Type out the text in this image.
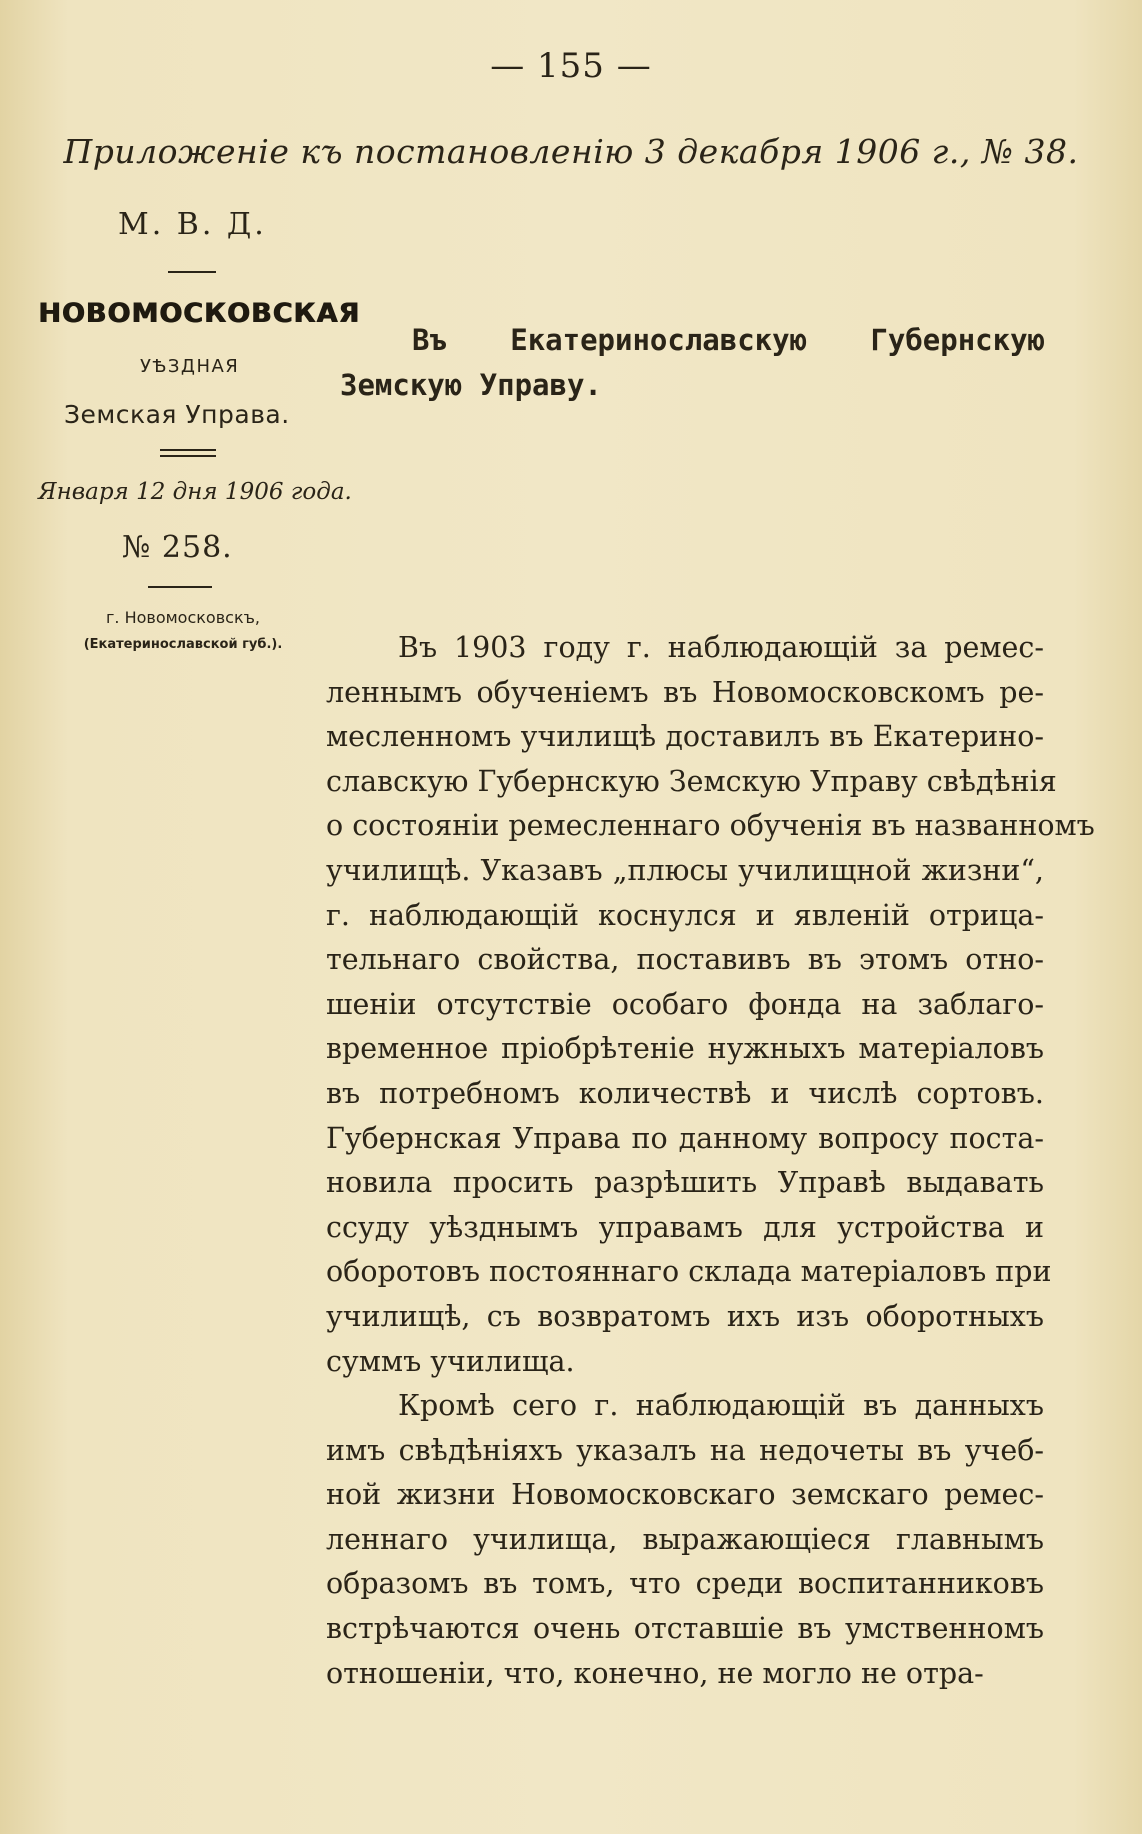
— 155 —
Приложеніе къ постановленію 3 декабря 1906 г., № 38.
М. В. Д.
НОВОМОСКОВСКАЯ
УѢЗДНАЯ
Земская Управа.
Января 12 дня 1906 года.
№ 258.
г. Новомосковскъ,
(Екатеринославской губ.).
Въ Екатеринославскую Губернскую
Земскую Управу.
Въ 1903 году г. наблюдающій за ремес-
леннымъ обученіемъ въ Новомосковскомъ ре-
месленномъ училищѣ доставилъ въ Екатерино-
славскую Губернскую Земскую Управу свѣдѣнія
о состояніи ремесленнаго обученія въ названномъ
училищѣ. Указавъ „плюсы училищной жизни“,
г. наблюдающій коснулся и явленій отрица-
тельнаго свойства, поставивъ въ этомъ отно-
шеніи отсутствіе особаго фонда на заблаго-
временное пріобрѣтеніе нужныхъ матеріаловъ
въ потребномъ количествѣ и числѣ сортовъ.
Губернская Управа по данному вопросу поста-
новила просить разрѣшить Управѣ выдавать
ссуду уѣзднымъ управамъ для устройства и
оборотовъ постояннаго склада матеріаловъ при
училищѣ, съ возвратомъ ихъ изъ оборотныхъ
суммъ училища.
Кромѣ сего г. наблюдающій въ данныхъ
имъ свѣдѣніяхъ указалъ на недочеты въ учеб-
ной жизни Новомосковскаго земскаго ремес-
леннаго училища, выражающіеся главнымъ
образомъ въ томъ, что среди воспитанниковъ
встрѣчаются очень отставшіе въ умственномъ
отношеніи, что, конечно, не могло не отра-
